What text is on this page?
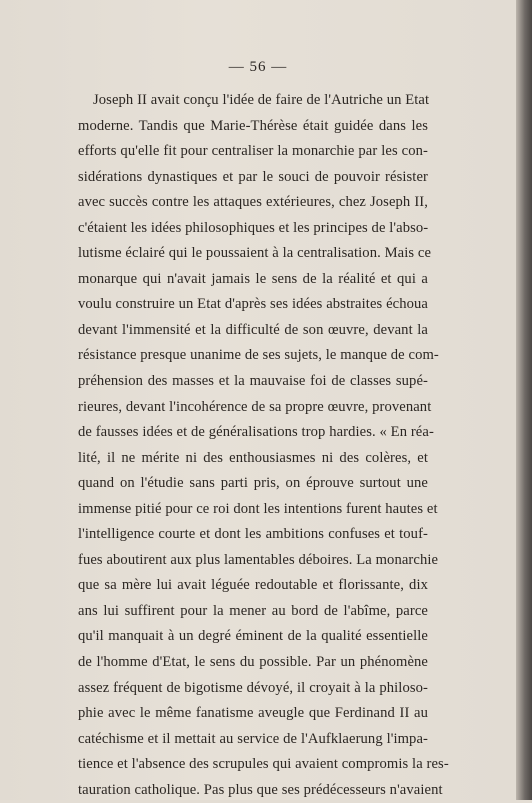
— 56 —
Joseph II avait conçu l'idée de faire de l'Autriche un Etat
moderne. Tandis que Marie-Thérèse était guidée dans les
efforts qu'elle fit pour centraliser la monarchie par les con-
sidérations dynastiques et par le souci de pouvoir résister
avec succès contre les attaques extérieures, chez Joseph II,
c'étaient les idées philosophiques et les principes de l'abso-
lutisme éclairé qui le poussaient à la centralisation. Mais ce
monarque qui n'avait jamais le sens de la réalité et qui a
voulu construire un Etat d'après ses idées abstraites échoua
devant l'immensité et la difficulté de son œuvre, devant la
résistance presque unanime de ses sujets, le manque de com-
préhension des masses et la mauvaise foi de classes supé-
rieures, devant l'incohérence de sa propre œuvre, provenant
de fausses idées et de généralisations trop hardies. « En réa-
lité, il ne mérite ni des enthousiasmes ni des colères, et
quand on l'étudie sans parti pris, on éprouve surtout une
immense pitié pour ce roi dont les intentions furent hautes et
l'intelligence courte et dont les ambitions confuses et touf-
fues aboutirent aux plus lamentables déboires. La monarchie
que sa mère lui avait léguée redoutable et florissante, dix
ans lui suffirent pour la mener au bord de l'abîme, parce
qu'il manquait à un degré éminent de la qualité essentielle
de l'homme d'Etat, le sens du possible. Par un phénomène
assez fréquent de bigotisme dévoyé, il croyait à la philoso-
phie avec le même fanatisme aveugle que Ferdinand II au
catéchisme et il mettait au service de l'Aufklaerung l'impa-
tience et l'absence des scrupules qui avaient compromis la res-
tauration catholique. Pas plus que ses prédécesseurs n'avaient
